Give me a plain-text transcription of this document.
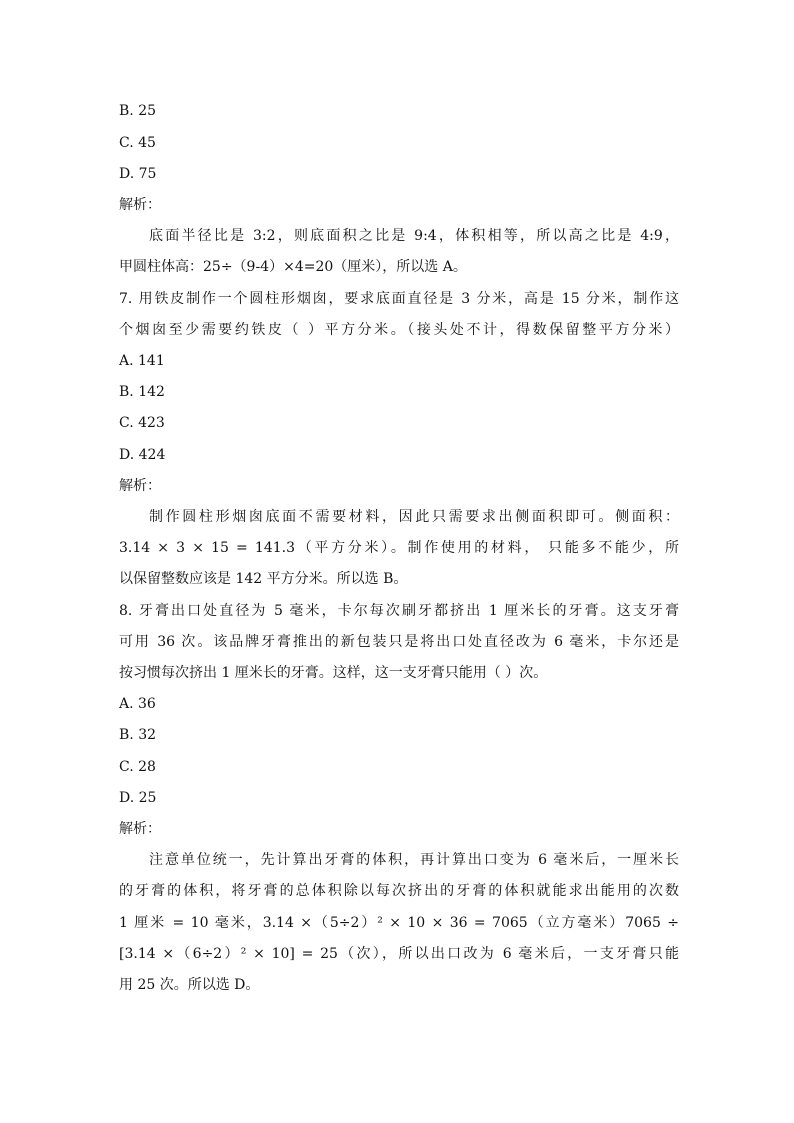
B. 25
C. 45
D. 75
解析：
底面半径比是 3:2，则底面积之比是 9:4，体积相等，所以高之比是 4:9，
甲圆柱体高：25÷（9-4）×4=20（厘米），所以选 A。
7. 用铁皮制作一个圆柱形烟囱，要求底面直径是 3 分米，高是 15 分米，制作这
个烟囱至少需要约铁皮（ ）平方分米。（接头处不计，得数保留整平方分米）
A. 141
B. 142
C. 423
D. 424
解析：
制作圆柱形烟囱底面不需要材料，因此只需要求出侧面积即可。侧面积：
3.14 × 3 × 15 = 141.3（平方分米）。制作使用的材料， 只能多不能少，所
以保留整数应该是 142 平方分米。所以选 B。
8. 牙膏出口处直径为 5 毫米，卡尔每次刷牙都挤出 1 厘米长的牙膏。这支牙膏
可用 36 次。该品牌牙膏推出的新包装只是将出口处直径改为 6 毫米，卡尔还是
按习惯每次挤出 1 厘米长的牙膏。这样，这一支牙膏只能用（ ）次。
A. 36
B. 32
C. 28
D. 25
解析：
注意单位统一，先计算出牙膏的体积，再计算出口变为 6 毫米后，一厘米长
的牙膏的体积，将牙膏的总体积除以每次挤出的牙膏的体积就能求出能用的次数
1 厘米 = 10 毫米，3.14 ×（5÷2）² × 10 × 36 = 7065（立方毫米）7065 ÷
[3.14 ×（6÷2）² × 10] = 25（次），所以出口改为 6 毫米后，一支牙膏只能
用 25 次。所以选 D。
